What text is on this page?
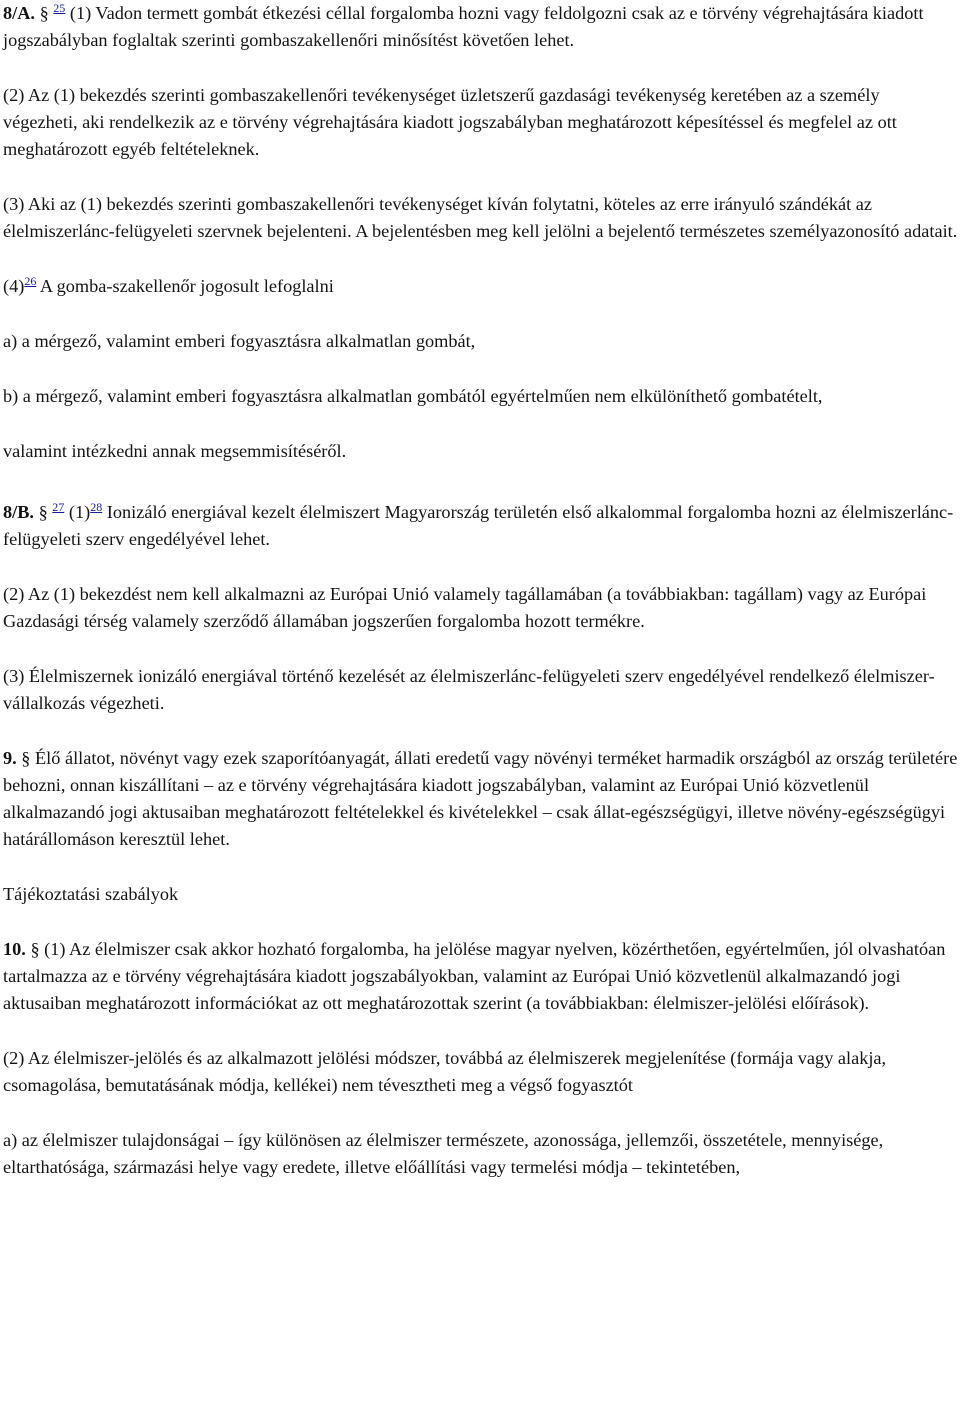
8/A. § $^{25}$ (1) Vadon termett gombát étkezési céllal forgalomba hozni vagy feldolgozni csak az e törvény végrehajtására kiadott jogszabályban foglaltak szerinti gombaszakellenőri minősítést követően lehet.

(2) Az (1) bekezdés szerinti gombaszakellenőri tevékenységet üzletszerű gazdasági tevékenység keretében az a személy végezheti, aki rendelkezik az e törvény végrehajtására kiadott jogszabályban meghatározott képesítéssel és megfelel az ott meghatározott egyéb feltételeknek.

(3) Aki az (1) bekezdés szerinti gombaszakellenőri tevékenységet kíván folytatni, köteles az erre irányuló szándékát az élelmiszerlánc-felügyeleti szervnek bejelenteni. A bejelentésben meg kell jelölni a bejelentő természetes személyazonosító adatait.

(4)$^{26}$ A gomba-szakellenőr jogosult lefoglalni

a) a mérgező, valamint emberi fogyasztásra alkalmatlan gombát,

b) a mérgező, valamint emberi fogyasztásra alkalmatlan gombától egyértelműen nem elkülöníthető gombatételt,

valamint intézkedni annak megsemmisítéséről.

8/B. § $^{27}$ (1)$^{28}$ Ionizáló energiával kezelt élelmiszert Magyarország területén első alkalommal forgalomba hozni az élelmiszerlánc-felügyeleti szerv engedélyével lehet.

(2) Az (1) bekezdést nem kell alkalmazni az Európai Unió valamely tagállamában (a továbbiakban: tagállam) vagy az Európai Gazdasági térség valamely szerződő államában jogszerűen forgalomba hozott termékre.

(3) Élelmiszernek ionizáló energiával történő kezelését az élelmiszerlánc-felügyeleti szerv engedélyével rendelkező élelmiszer-vállalkozás végezheti.

9. § Élő állatot, növényt vagy ezek szaporítóanyagát, állati eredetű vagy növényi terméket harmadik országból az ország területére behozni, onnan kiszállítani – az e törvény végrehajtására kiadott jogszabályban, valamint az Európai Unió közvetlenül alkalmazandó jogi aktusaiban meghatározott feltételekkel és kivételekkel – csak állat-egészségügyi, illetve növény-egészségügyi határállomáson keresztül lehet.

Tájékoztatási szabályok

10. § (1) Az élelmiszer csak akkor hozható forgalomba, ha jelölése magyar nyelven, közérthetően, egyértelműen, jól olvashatóan tartalmazza az e törvény végrehajtására kiadott jogszabályokban, valamint az Európai Unió közvetlenül alkalmazandó jogi aktusaiban meghatározott információkat az ott meghatározottak szerint (a továbbiakban: élelmiszer-jelölési előírások).

(2) Az élelmiszer-jelölés és az alkalmazott jelölési módszer, továbbá az élelmiszerek megjelenítése (formája vagy alakja, csomagolása, bemutatásának módja, kellékei) nem tévesztheti meg a végső fogyasztót

a) az élelmiszer tulajdonságai – így különösen az élelmiszer természete, azonossága, jellemzői, összetétele, mennyisége, eltarthatósága, származási helye vagy eredete, illetve előállítási vagy termelési módja – tekintetében,
